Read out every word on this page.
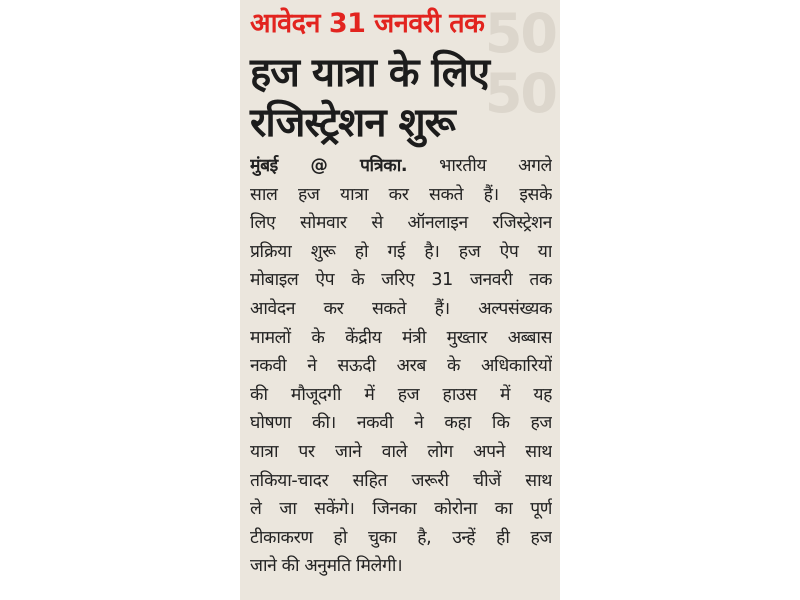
50
50
आवेदन 31 जनवरी तक
हज यात्रा के लिए
रजिस्ट्रेशन शुरू
मुंबई @ पत्रिका. भारतीय अगले
साल हज यात्रा कर सकते हैं। इसके
लिए सोमवार से ऑनलाइन रजिस्ट्रेशन
प्रक्रिया शुरू हो गई है। हज ऐप या
मोबाइल ऐप के जरिए 31 जनवरी तक
आवेदन कर सकते हैं। अल्पसंख्यक
मामलों के केंद्रीय मंत्री मुख्तार अब्बास
नकवी ने सऊदी अरब के अधिकारियों
की मौजूदगी में हज हाउस में यह
घोषणा की। नकवी ने कहा कि हज
यात्रा पर जाने वाले लोग अपने साथ
तकिया-चादर सहित जरूरी चीजें साथ
ले जा सकेंगे। जिनका कोरोना का पूर्ण
टीकाकरण हो चुका है, उन्हें ही हज
जाने की अनुमति मिलेगी।
